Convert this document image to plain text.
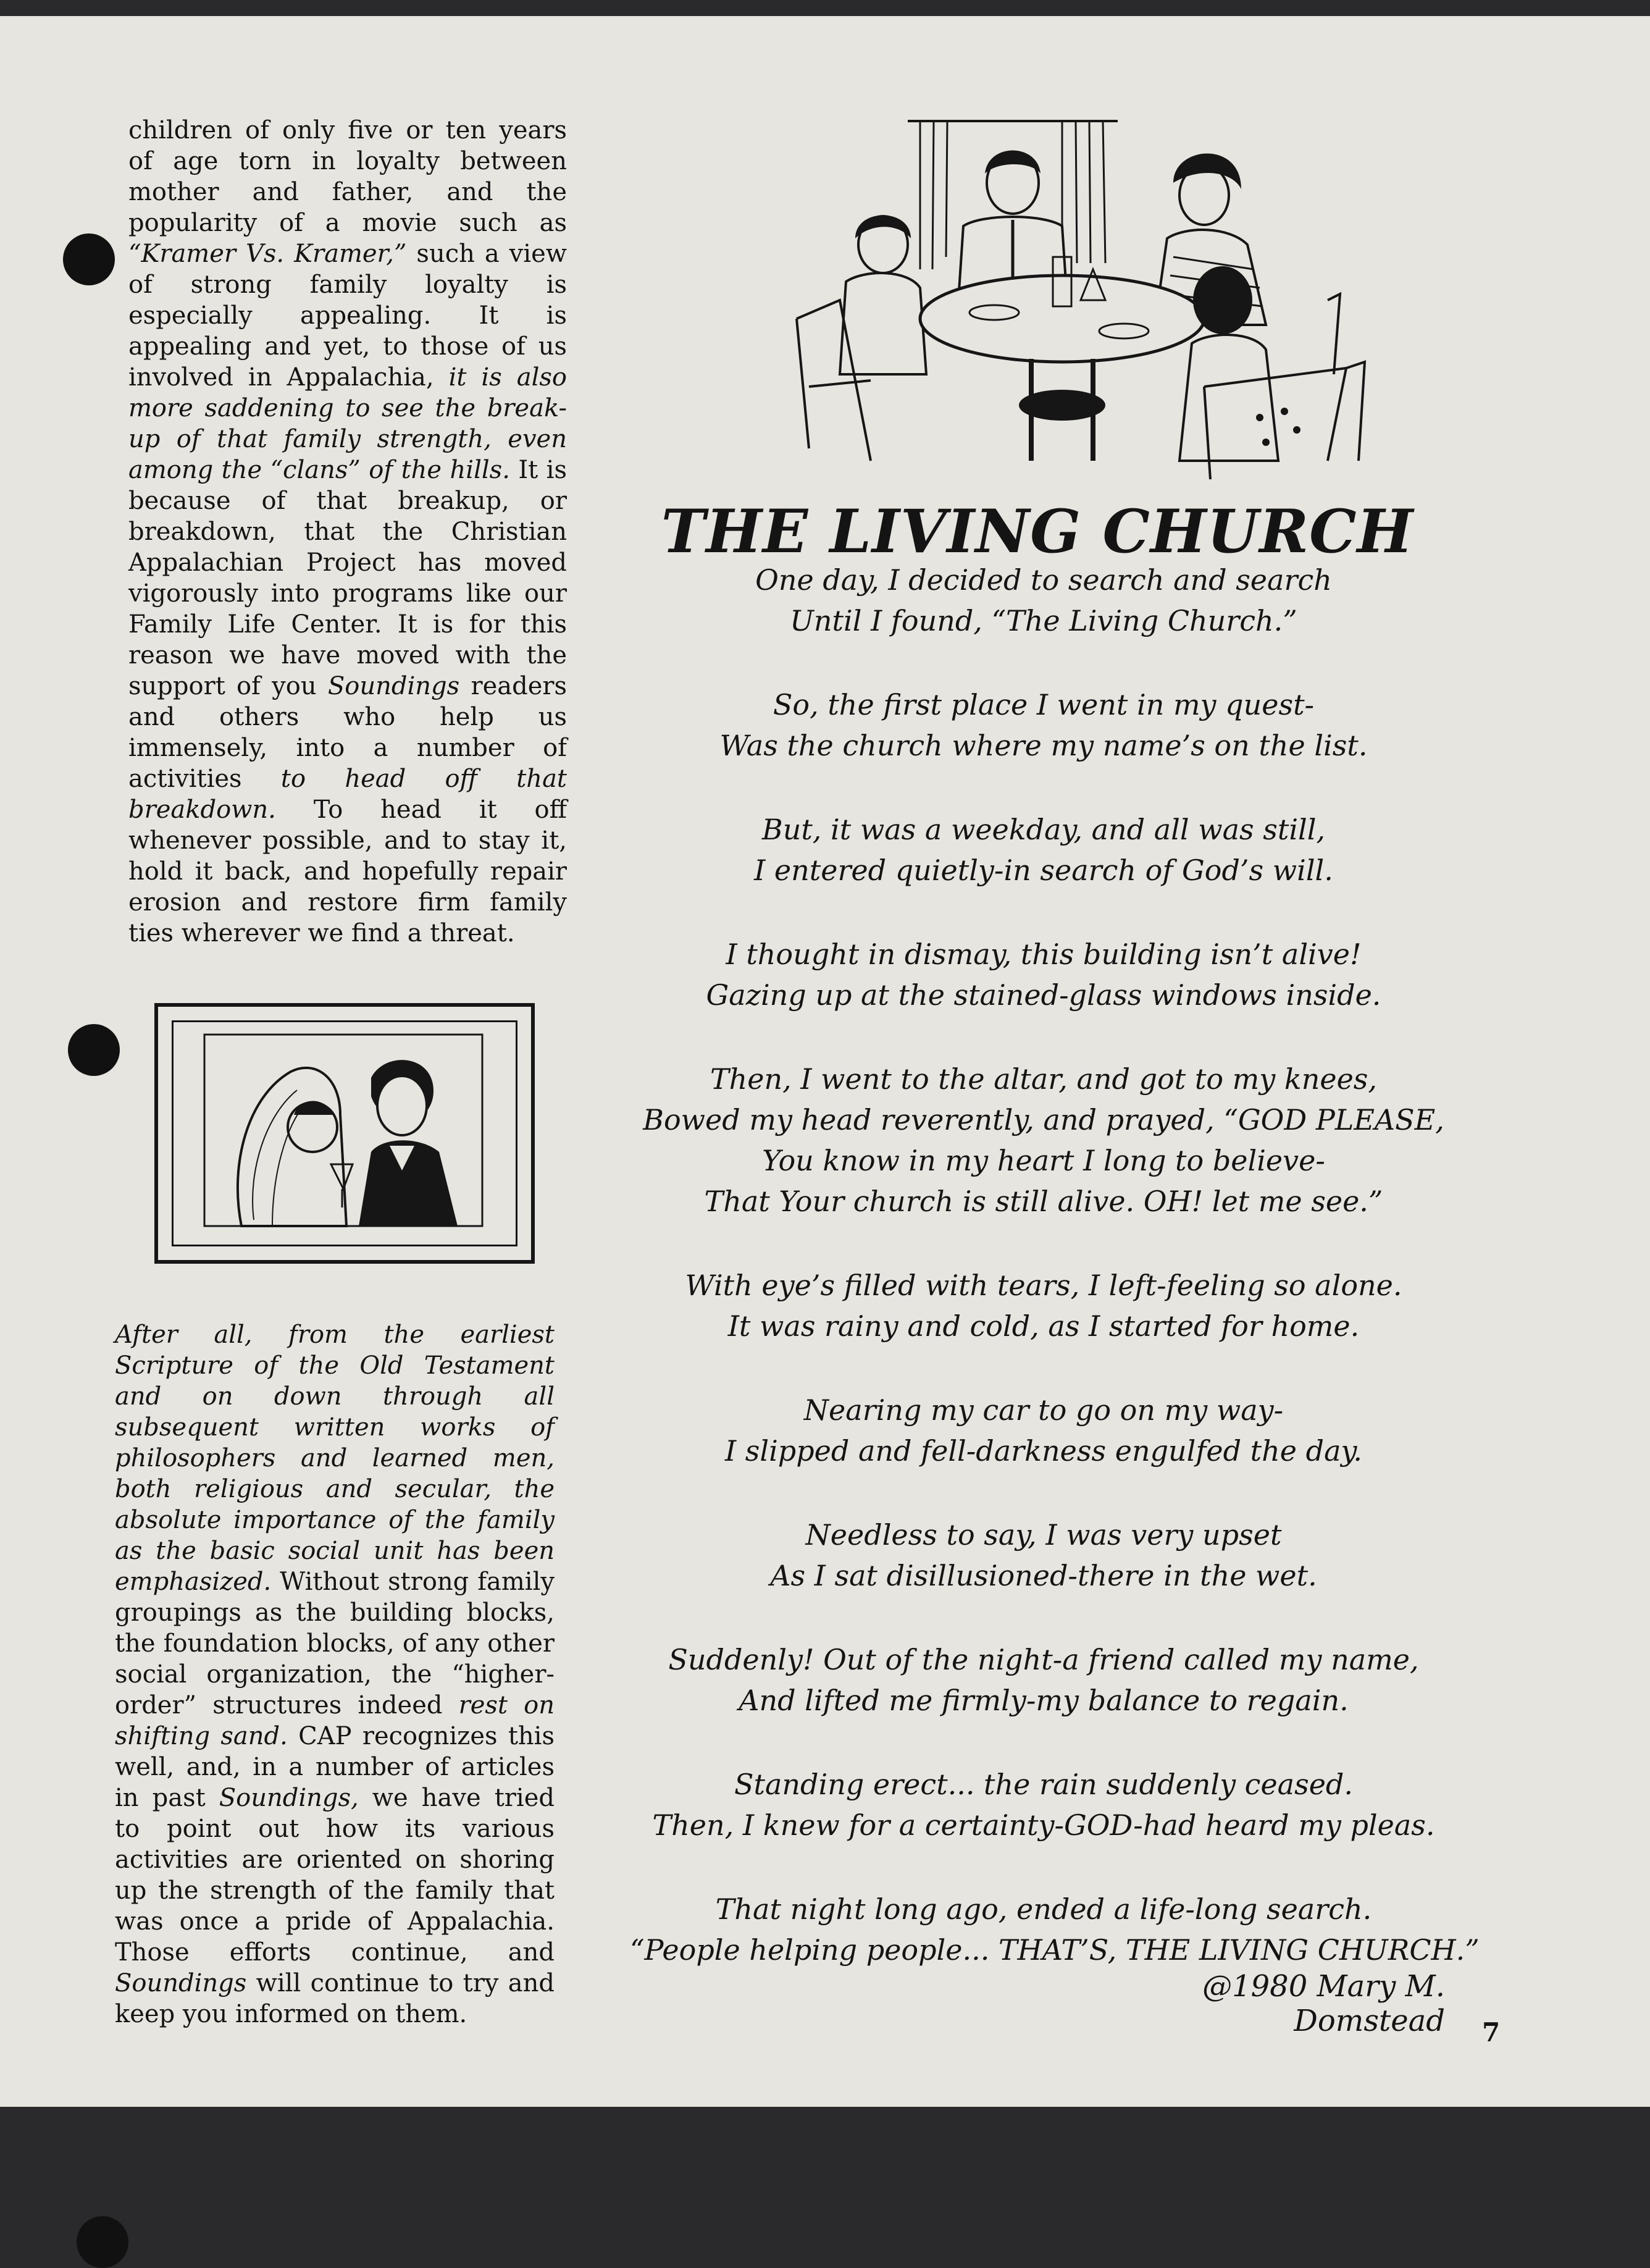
children of only five or ten years of age torn in loyalty between mother and father, and the popularity of a movie such as “Kramer Vs. Kramer,” such a view of strong family loyalty is especially appealing. It is appealing and yet, to those of us involved in Appalachia, it is also more saddening to see the break-up of that family strength, even among the “clans” of the hills. It is because of that breakup, or breakdown, that the Christian Appalachian Project has moved vigorously into programs like our Family Life Center. It is for this reason we have moved with the support of you Soundings readers and others who help us immensely, into a number of activities to head off that breakdown. To head it off whenever possible, and to stay it, hold it back, and hopefully repair erosion and restore firm family ties wherever we find a threat.

After all, from the earliest Scripture of the Old Testament and on down through all subsequent written works of philosophers and learned men, both religious and secular, the absolute importance of the family as the basic social unit has been emphasized. Without strong family groupings as the building blocks, the foundation blocks, of any other social organization, the “higher-order” structures indeed rest on shifting sand. CAP recognizes this well, and, in a number of articles in past Soundings, we have tried to point out how its various activities are oriented on shoring up the strength of the family that was once a pride of Appalachia. Those efforts continue, and Soundings will continue to try and keep you informed on them.

THE LIVING CHURCH
One day, I decided to search and search
Until I found, “The Living Church.”
So, the first place I went in my quest-
Was the church where my name’s on the list.
But, it was a weekday, and all was still,
I entered quietly-in search of God’s will.
I thought in dismay, this building isn’t alive!
Gazing up at the stained-glass windows inside.
Then, I went to the altar, and got to my knees,
Bowed my head reverently, and prayed, “GOD PLEASE,
You know in my heart I long to believe-
That Your church is still alive. OH! let me see.”
With eye’s filled with tears, I left-feeling so alone.
It was rainy and cold, as I started for home.
Nearing my car to go on my way-
I slipped and fell-darkness engulfed the day.
Needless to say, I was very upset
As I sat disillusioned-there in the wet.
Suddenly! Out of the night-a friend called my name,
And lifted me firmly-my balance to regain.
Standing erect... the rain suddenly ceased.
Then, I knew for a certainty-GOD-had heard my pleas.
That night long ago, ended a life-long search.
“People helping people... THAT’S, THE LIVING CHURCH.”
@1980 Mary M. Domstead 7
